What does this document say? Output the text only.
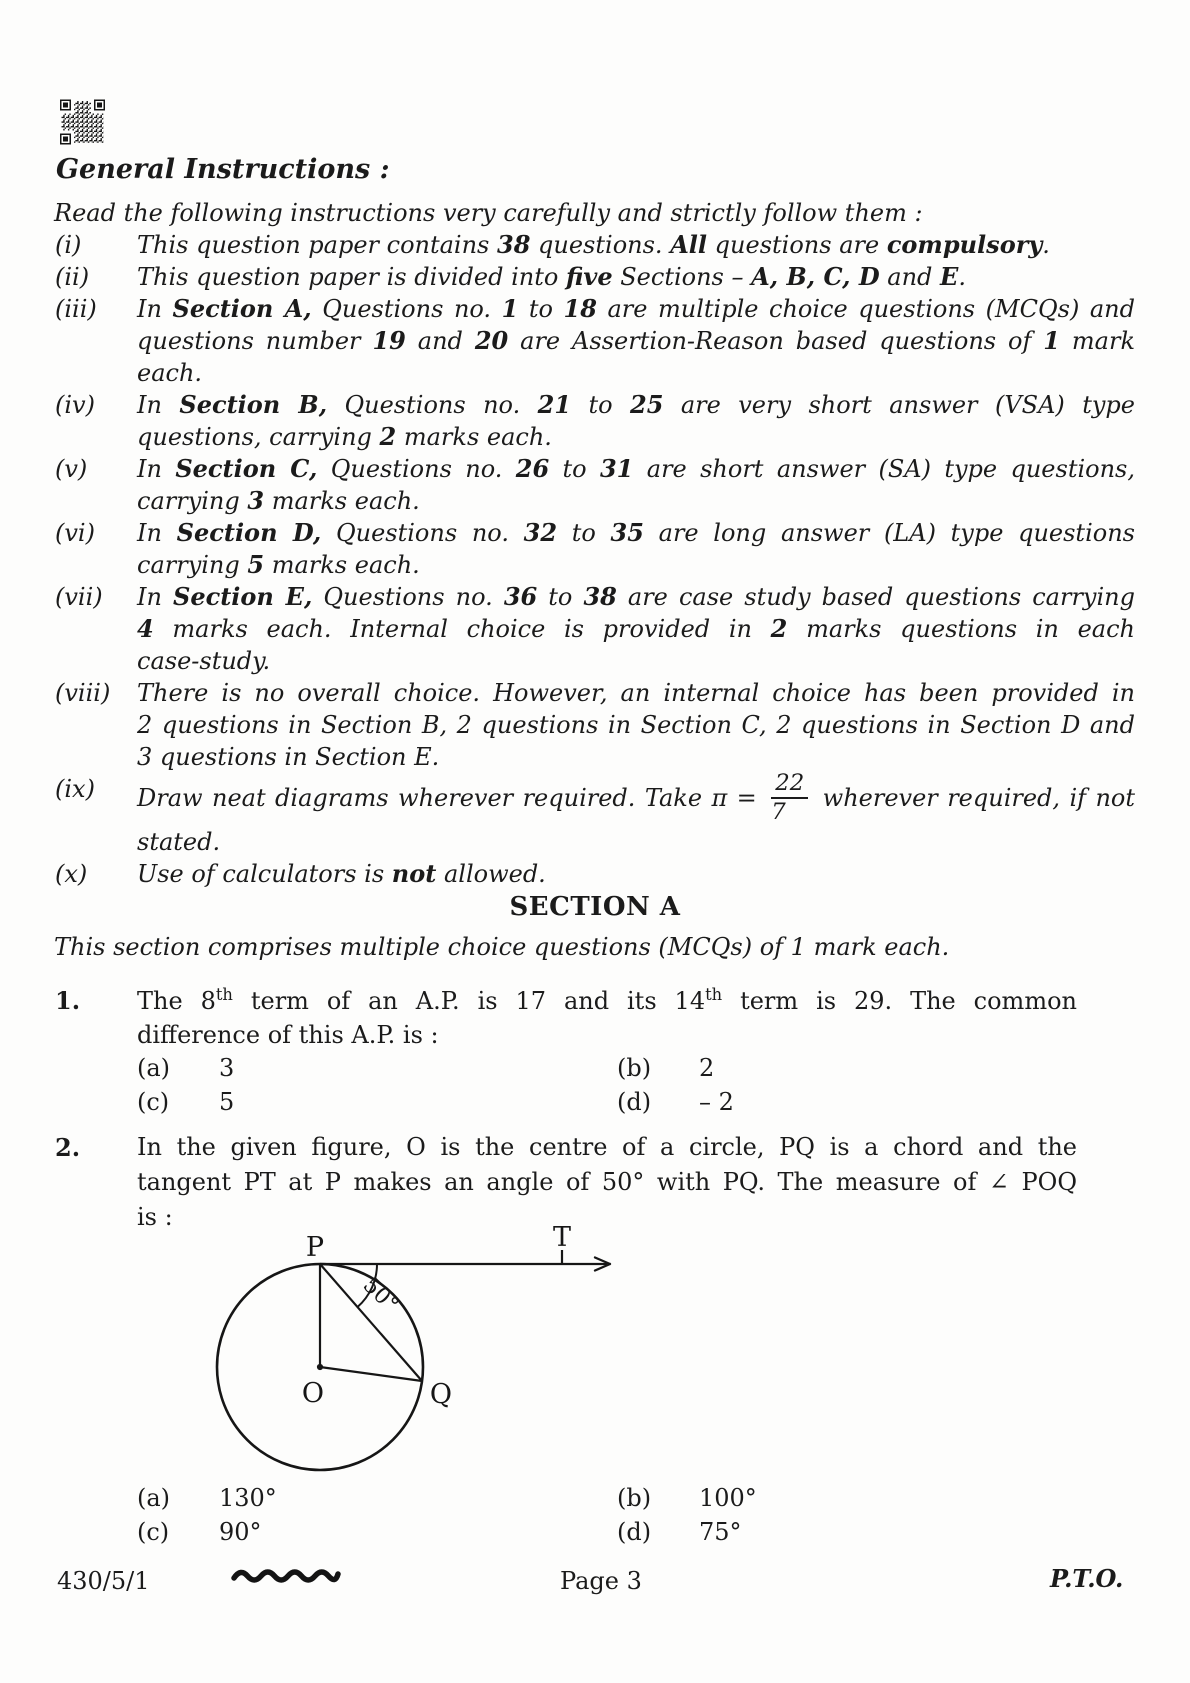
General Instructions :
Read the following instructions very carefully and strictly follow them :
(i)	This question paper contains 38 questions. All questions are compulsory.
(ii)	This question paper is divided into five Sections – A, B, C, D and E.
(iii)	In Section A, Questions no. 1 to 18 are multiple choice questions (MCQs) and
questions number 19 and 20 are Assertion-Reason based questions of 1 mark
each.
(iv)	In Section B, Questions no. 21 to 25 are very short answer (VSA) type
questions, carrying 2 marks each.
(v)	In Section C, Questions no. 26 to 31 are short answer (SA) type questions,
carrying 3 marks each.
(vi)	In Section D, Questions no. 32 to 35 are long answer (LA) type questions
carrying 5 marks each.
(vii)	In Section E, Questions no. 36 to 38 are case study based questions carrying
4 marks each. Internal choice is provided in 2 marks questions in each
case-study.
(viii)	There is no overall choice. However, an internal choice has been provided in
2 questions in Section B, 2 questions in Section C, 2 questions in Section D and
3 questions in Section E.
(ix)	Draw neat diagrams wherever required. Take $\pi = \frac{22}{7}$ wherever required, if not
stated.
(x)	Use of calculators is not allowed.
SECTION A
This section comprises multiple choice questions (MCQs) of 1 mark each.
1.	The 8th term of an A.P. is 17 and its 14th term is 29. The common
difference of this A.P. is :
(a)	3	(b)	2
(c)	5	(d)	– 2
2.	In the given figure, O is the centre of a circle, PQ is a chord and the
tangent PT at P makes an angle of 50° with PQ. The measure of ∠ POQ
is :
P	T
O	Q
50°
(a)	130°	(b)	100°
(c)	90°	(d)	75°
430/5/1	Page 3	P.T.O.
